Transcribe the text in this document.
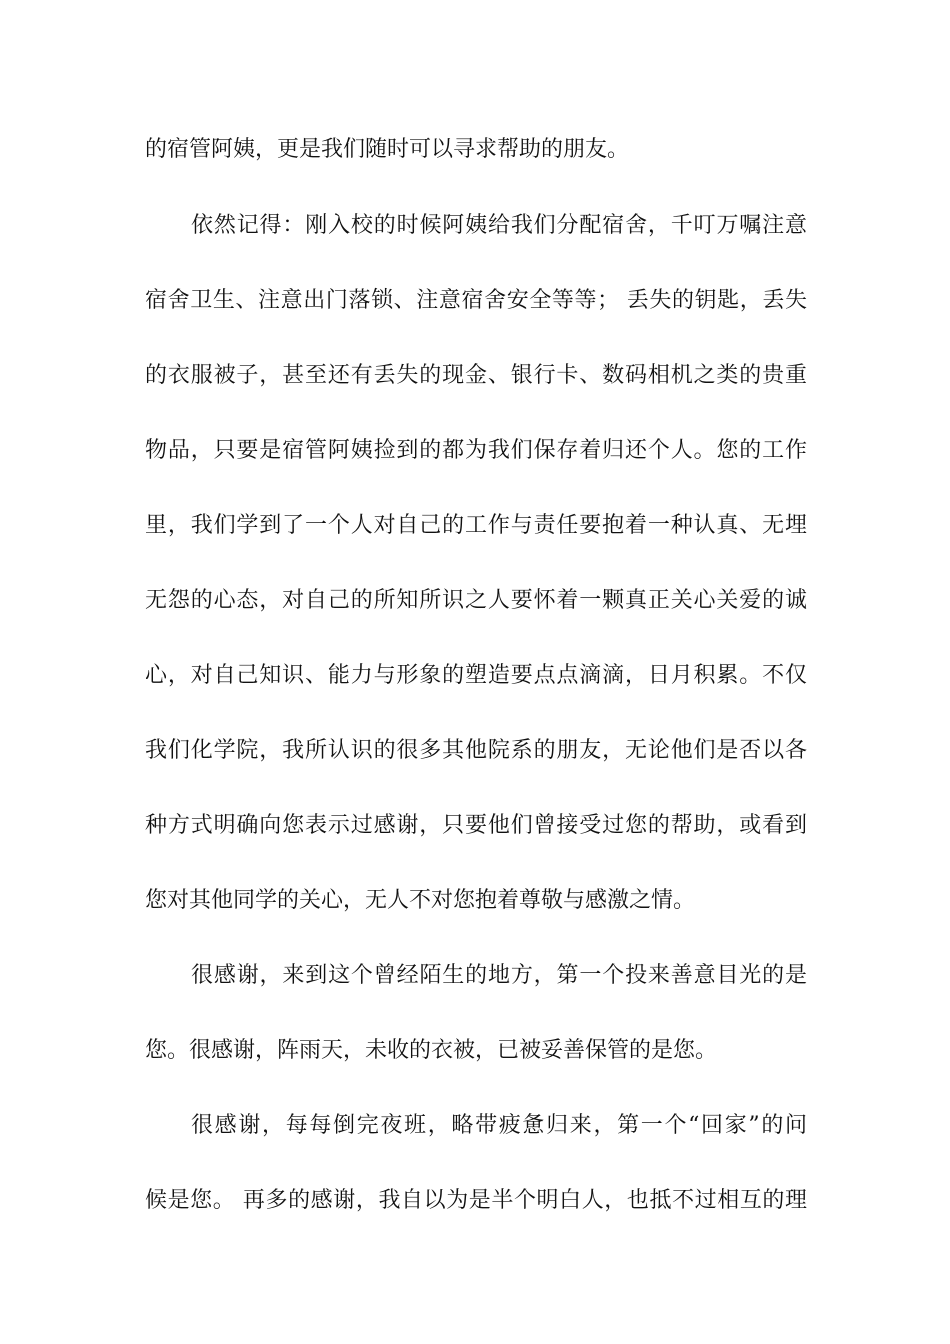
的宿管阿姨，更是我们随时可以寻求帮助的朋友。
依然记得：刚入校的时候阿姨给我们分配宿舍，千叮万嘱注意
宿舍卫生、注意出门落锁、注意宿舍安全等等； 丢失的钥匙，丢失
的衣服被子，甚至还有丢失的现金、银行卡、数码相机之类的贵重
物品，只要是宿管阿姨捡到的都为我们保存着归还个人。您的工作
里，我们学到了一个人对自己的工作与责任要抱着一种认真、无埋
无怨的心态，对自己的所知所识之人要怀着一颗真正关心关爱的诚
心，对自己知识、能力与形象的塑造要点点滴滴，日月积累。不仅
我们化学院，我所认识的很多其他院系的朋友，无论他们是否以各
种方式明确向您表示过感谢，只要他们曾接受过您的帮助，或看到
您对其他同学的关心，无人不对您抱着尊敬与感激之情。
很感谢，来到这个曾经陌生的地方，第一个投来善意目光的是
您。很感谢，阵雨天，未收的衣被，已被妥善保管的是您。
很感谢，每每倒完夜班，略带疲惫归来，第一个“回家”的问
候是您。 再多的感谢，我自以为是半个明白人，也抵不过相互的理
